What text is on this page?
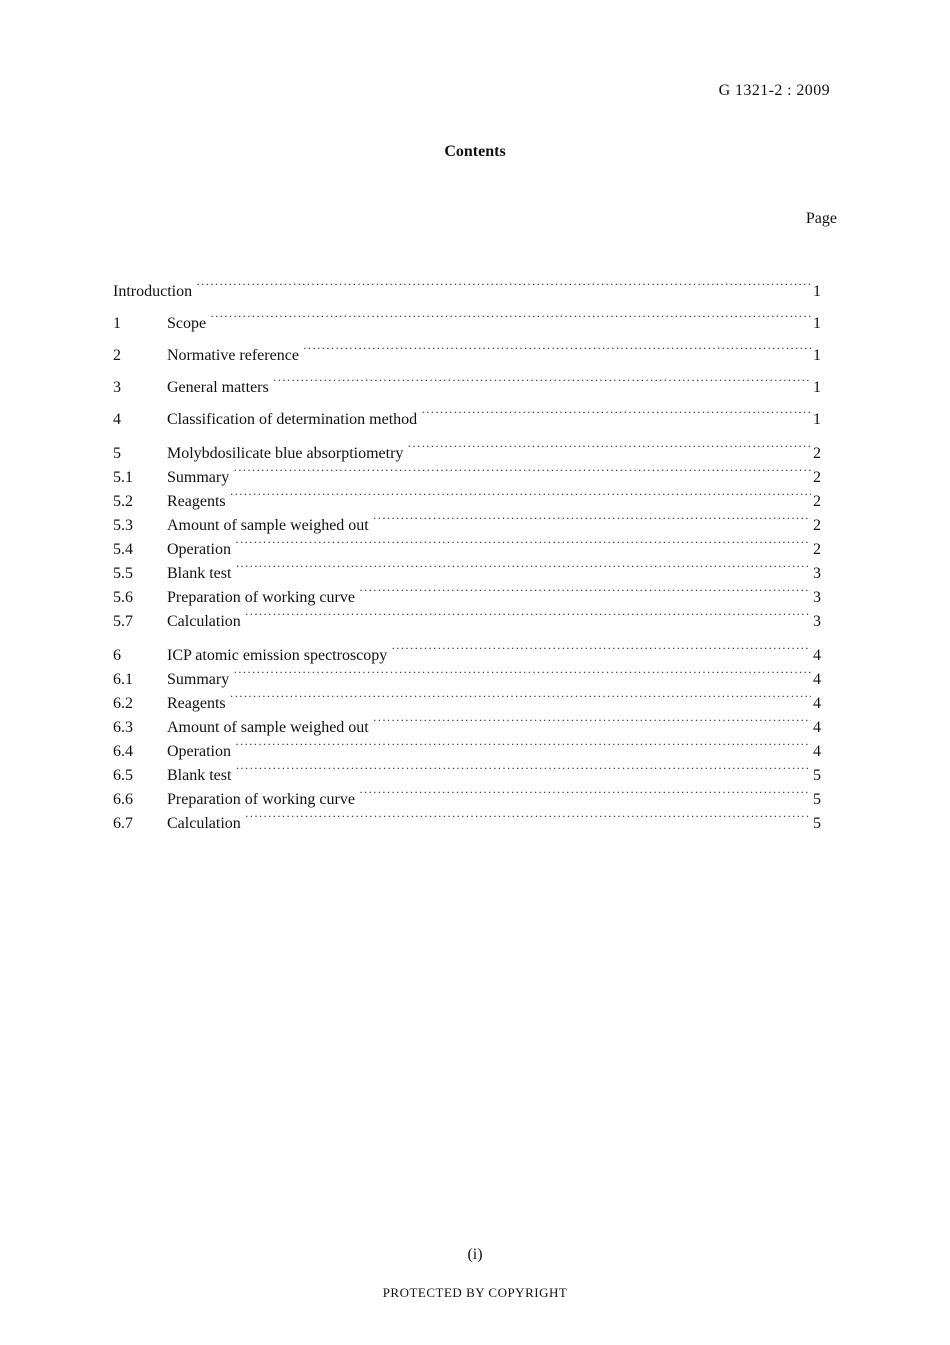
G 1321-2 : 2009
Contents
Page
Introduction ·····	1
1	Scope ·····	1
2	Normative reference ·····	1
3	General matters ·····	1
4	Classification of determination method ·····	1
5	Molybdosilicate blue absorptiometry ·····	2
5.1	Summary ·····	2
5.2	Reagents ·····	2
5.3	Amount of sample weighed out ·····	2
5.4	Operation ·····	2
5.5	Blank test ·····	3
5.6	Preparation of working curve ·····	3
5.7	Calculation ·····	3
6	ICP atomic emission spectroscopy ·····	4
6.1	Summary ·····	4
6.2	Reagents ·····	4
6.3	Amount of sample weighed out ·····	4
6.4	Operation ·····	4
6.5	Blank test ·····	5
6.6	Preparation of working curve ·····	5
6.7	Calculation ·····	5
(i)
PROTECTED BY COPYRIGHT
